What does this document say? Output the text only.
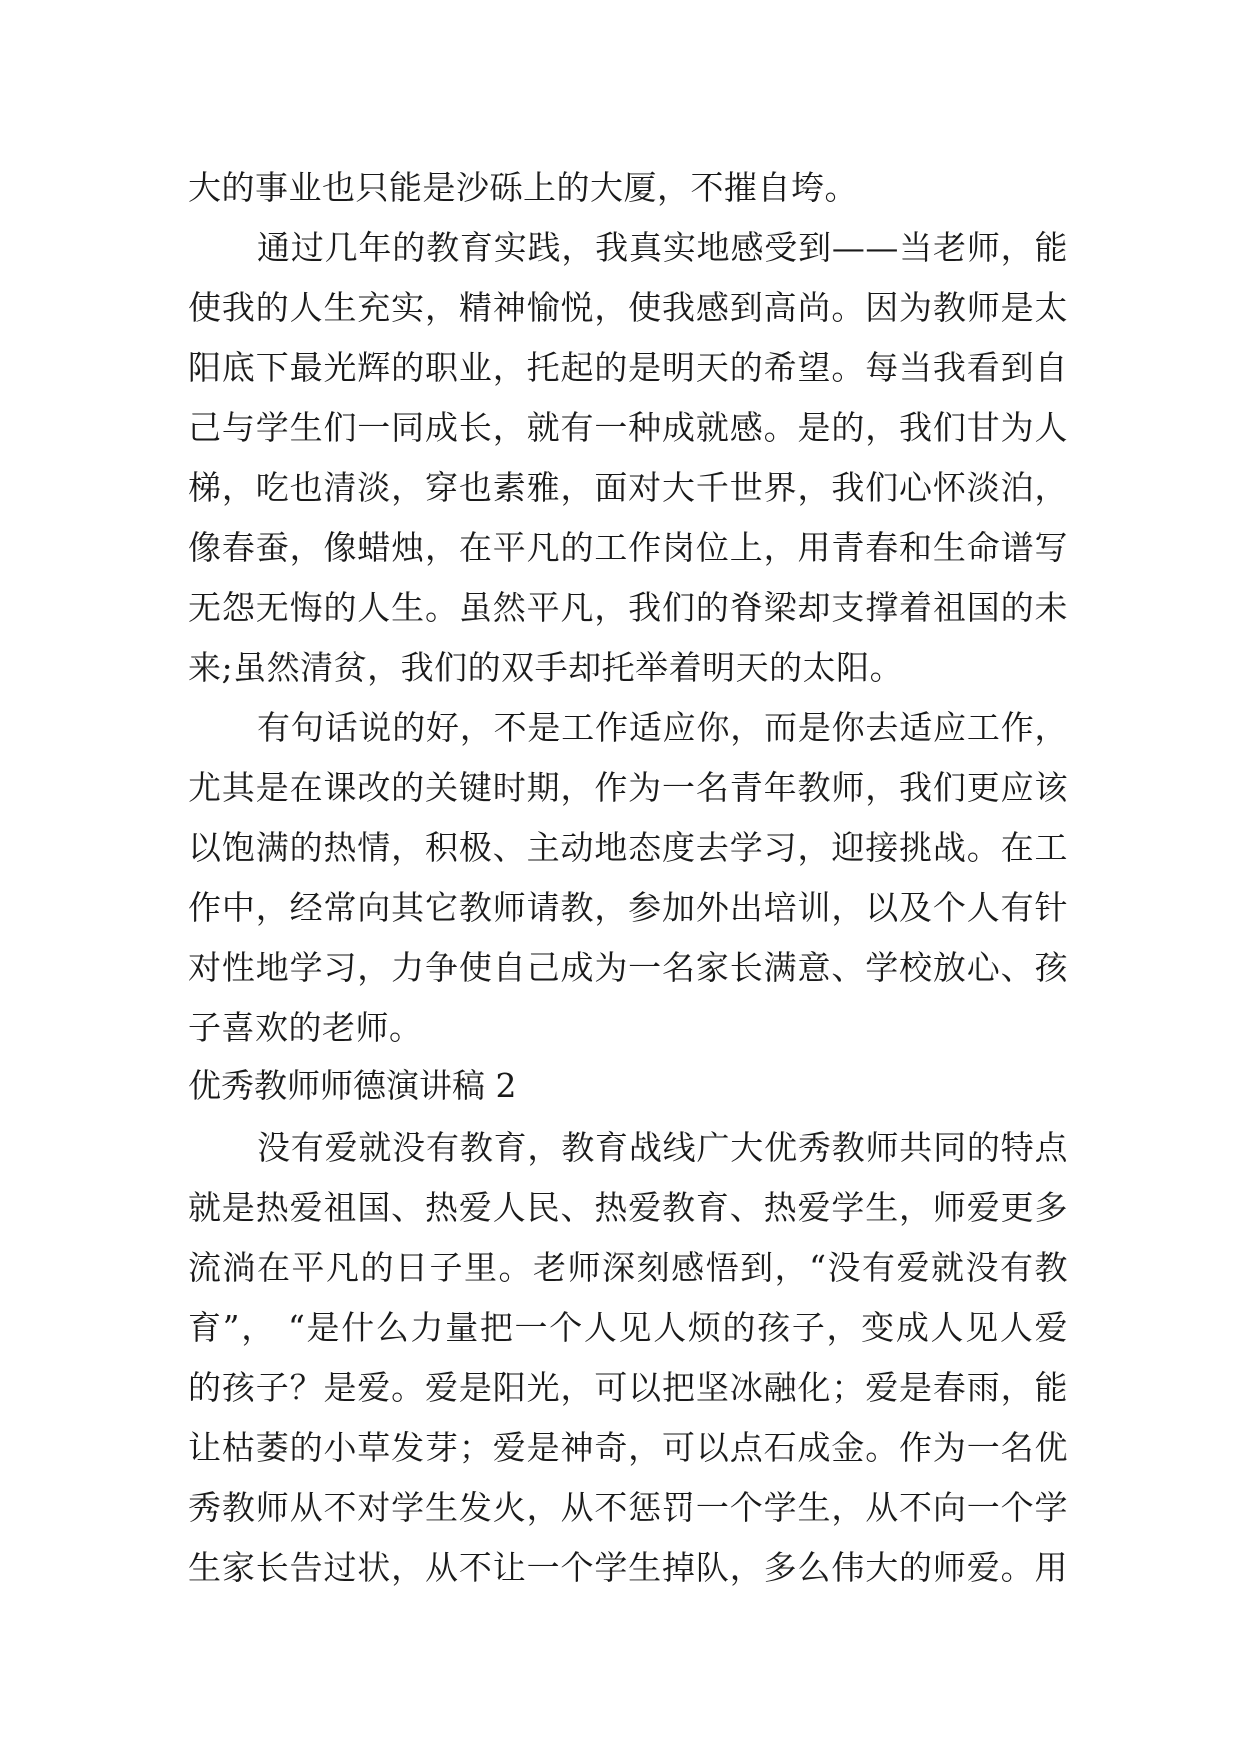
大的事业也只能是沙砾上的大厦，不摧自垮。
通过几年的教育实践，我真实地感受到——当老师，能
使我的人生充实，精神愉悦，使我感到高尚。因为教师是太
阳底下最光辉的职业，托起的是明天的希望。每当我看到自
己与学生们一同成长，就有一种成就感。是的，我们甘为人
梯，吃也清淡，穿也素雅，面对大千世界，我们心怀淡泊，
像春蚕，像蜡烛，在平凡的工作岗位上，用青春和生命谱写
无怨无悔的人生。虽然平凡，我们的脊梁却支撑着祖国的未
来;虽然清贫，我们的双手却托举着明天的太阳。
有句话说的好，不是工作适应你，而是你去适应工作，
尤其是在课改的关键时期，作为一名青年教师，我们更应该
以饱满的热情，积极、主动地态度去学习，迎接挑战。在工
作中，经常向其它教师请教，参加外出培训，以及个人有针
对性地学习，力争使自己成为一名家长满意、学校放心、孩
子喜欢的老师。
优秀教师师德演讲稿 2
没有爱就没有教育，教育战线广大优秀教师共同的特点
就是热爱祖国、热爱人民、热爱教育、热爱学生，师爱更多
流淌在平凡的日子里。老师深刻感悟到，“没有爱就没有教
育”， “是什么力量把一个人见人烦的孩子，变成人见人爱
的孩子？是爱。爱是阳光，可以把坚冰融化；爱是春雨，能
让枯萎的小草发芽；爱是神奇，可以点石成金。作为一名优
秀教师从不对学生发火，从不惩罚一个学生，从不向一个学
生家长告过状，从不让一个学生掉队，多么伟大的师爱。用
